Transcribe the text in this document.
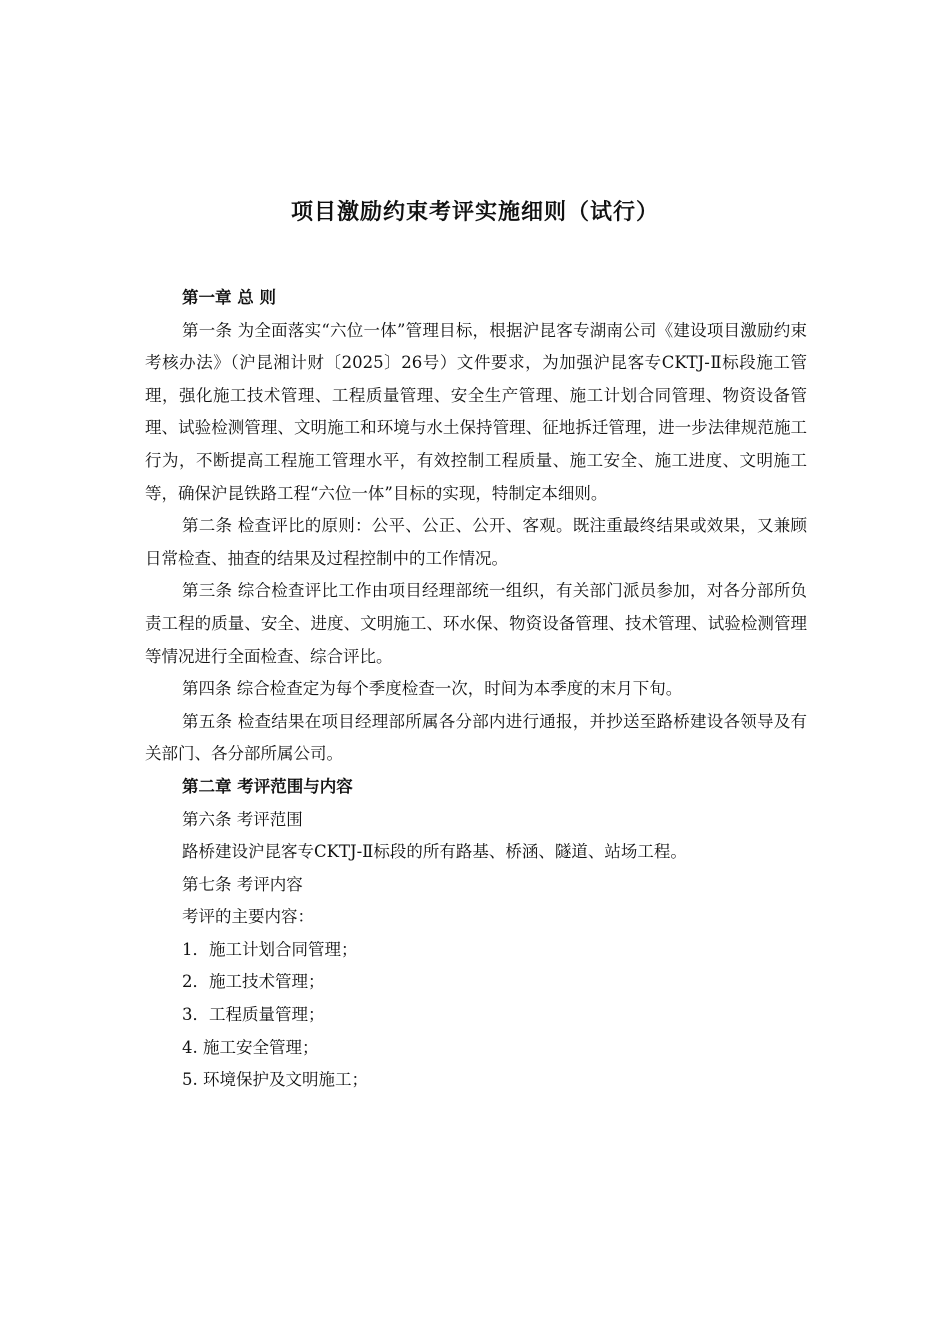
项目激励约束考评实施细则（试行）
第一章 总 则

第一条 为全面落实“六位一体”管理目标，根据沪昆客专湖南公司《建设项目激励约束考核办法》（沪昆湘计财〔2025〕26号）文件要求，为加强沪昆客专CKTJ-Ⅱ标段施工管理，强化施工技术管理、工程质量管理、安全生产管理、施工计划合同管理、物资设备管理、试验检测管理、文明施工和环境与水土保持管理、征地拆迁管理，进一步法律规范施工行为，不断提高工程施工管理水平，有效控制工程质量、施工安全、施工进度、文明施工等，确保沪昆铁路工程“六位一体”目标的实现，特制定本细则。

第二条 检查评比的原则：公平、公正、公开、客观。既注重最终结果或效果，又兼顾日常检查、抽查的结果及过程控制中的工作情况。

第三条 综合检查评比工作由项目经理部统一组织，有关部门派员参加，对各分部所负责工程的质量、安全、进度、文明施工、环水保、物资设备管理、技术管理、试验检测管理等情况进行全面检查、综合评比。

第四条 综合检查定为每个季度检查一次，时间为本季度的末月下旬。

第五条 检查结果在项目经理部所属各分部内进行通报，并抄送至路桥建设各领导及有关部门、各分部所属公司。

第二章 考评范围与内容

第六条 考评范围

路桥建设沪昆客专CKTJ-Ⅱ标段的所有路基、桥涵、隧道、站场工程。

第七条 考评内容

考评的主要内容：

1．施工计划合同管理；

2．施工技术管理；

3．工程质量管理；

4. 施工安全管理；

5. 环境保护及文明施工；
